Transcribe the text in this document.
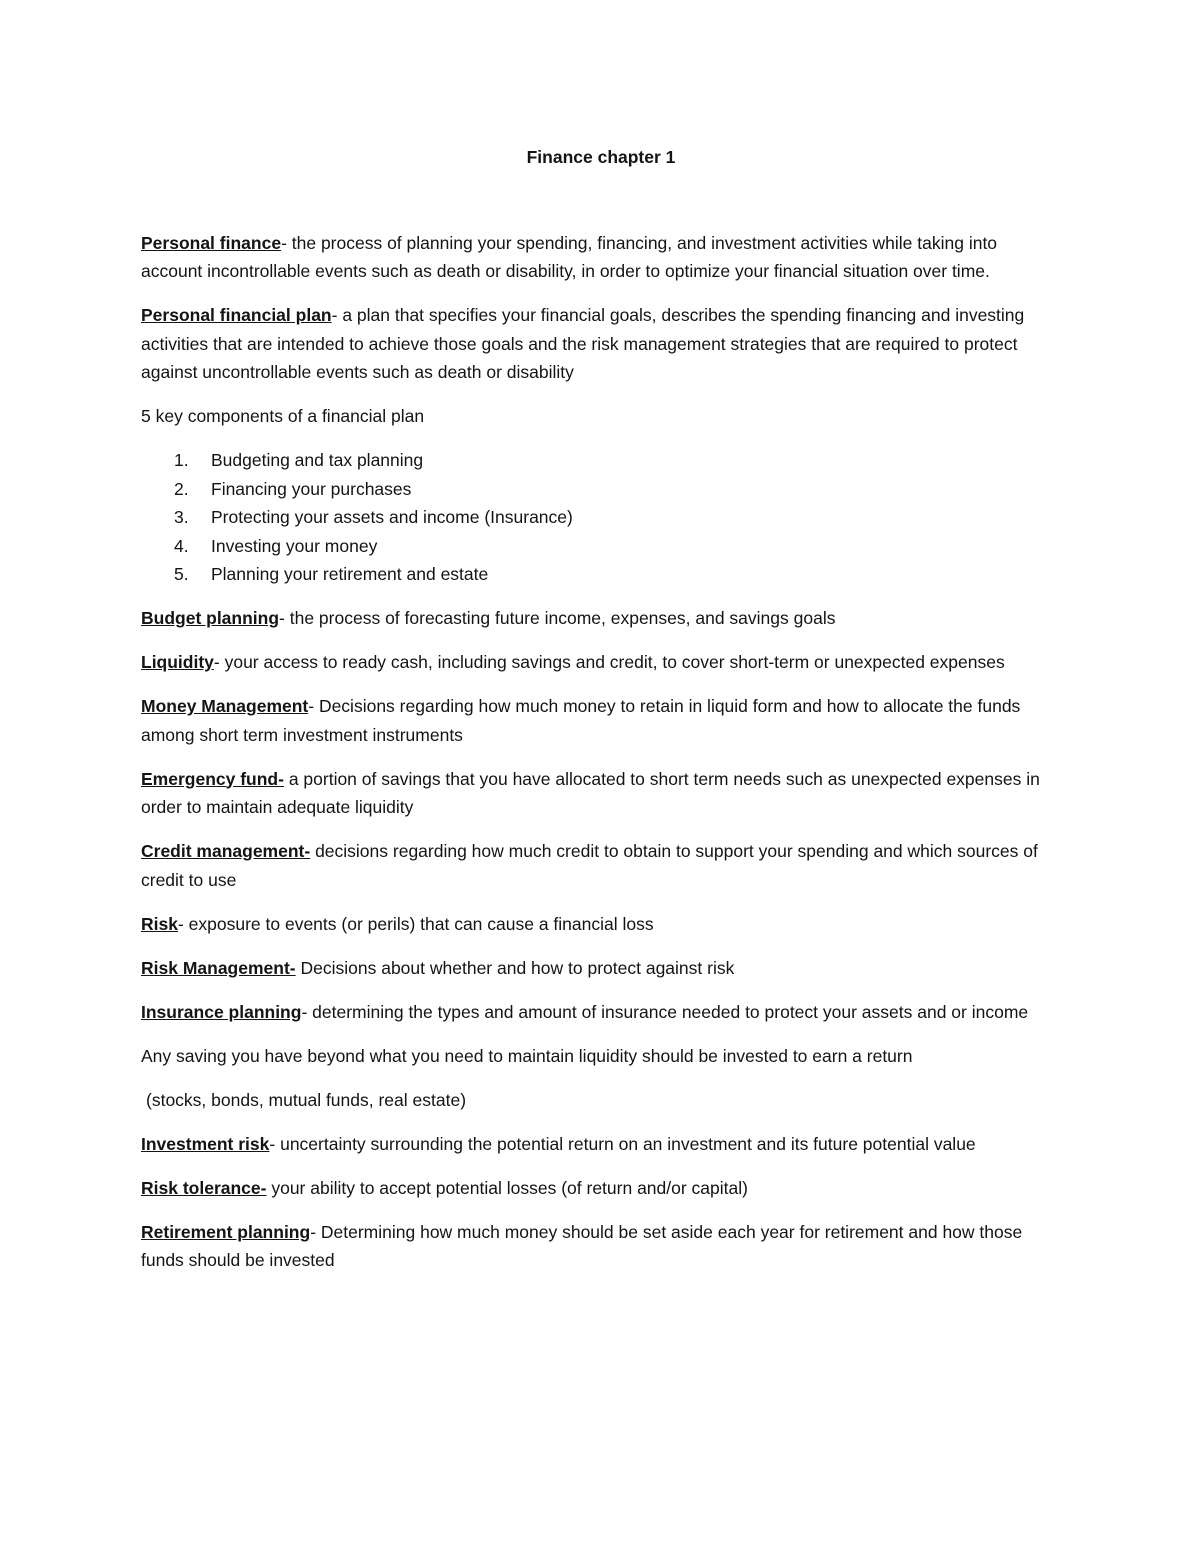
Finance chapter 1

Personal finance- the process of planning your spending, financing, and investment activities while taking into account incontrollable events such as death or disability, in order to optimize your financial situation over time.

Personal financial plan- a plan that specifies your financial goals, describes the spending financing and investing activities that are intended to achieve those goals and the risk management strategies that are required to protect against uncontrollable events such as death or disability

5 key components of a financial plan

1. Budgeting and tax planning
2. Financing your purchases
3. Protecting your assets and income (Insurance)
4. Investing your money
5. Planning your retirement and estate

Budget planning- the process of forecasting future income, expenses, and savings goals

Liquidity- your access to ready cash, including savings and credit, to cover short-term or unexpected expenses

Money Management- Decisions regarding how much money to retain in liquid form and how to allocate the funds among short term investment instruments

Emergency fund- a portion of savings that you have allocated to short term needs such as unexpected expenses in order to maintain adequate liquidity

Credit management- decisions regarding how much credit to obtain to support your spending and which sources of credit to use

Risk- exposure to events (or perils) that can cause a financial loss

Risk Management- Decisions about whether and how to protect against risk

Insurance planning- determining the types and amount of insurance needed to protect your assets and or income

Any saving you have beyond what you need to maintain liquidity should be invested to earn a return

(stocks, bonds, mutual funds, real estate)

Investment risk- uncertainty surrounding the potential return on an investment and its future potential value

Risk tolerance- your ability to accept potential losses (of return and/or capital)

Retirement planning- Determining how much money should be set aside each year for retirement and how those funds should be invested
